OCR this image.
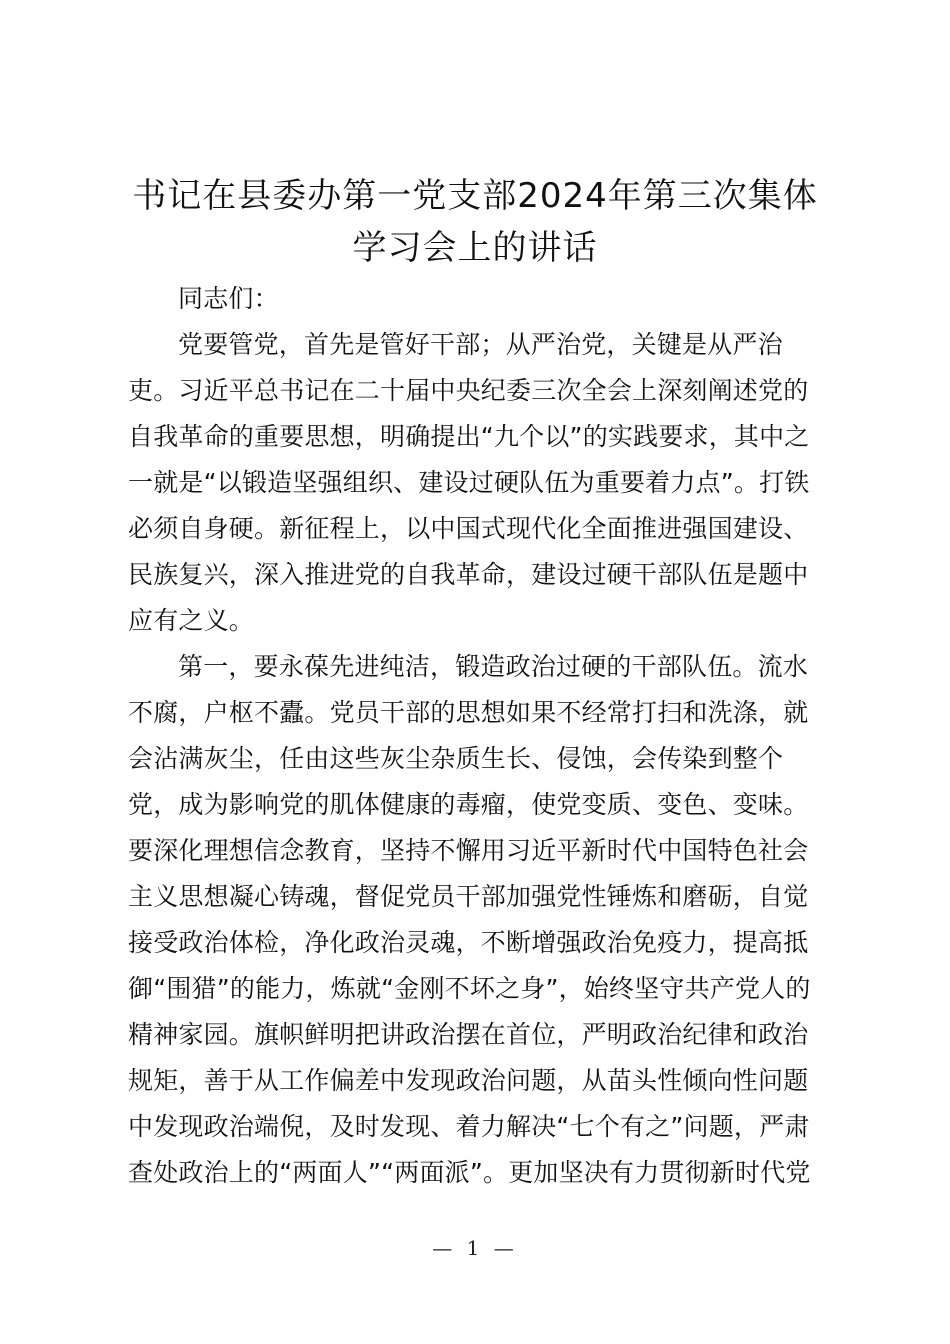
书记在县委办第一党支部2024年第三次集体
学习会上的讲话
同志们：
党要管党，首先是管好干部；从严治党，关键是从严治
吏。习近平总书记在二十届中央纪委三次全会上深刻阐述党的
自我革命的重要思想，明确提出“九个以”的实践要求，其中之
一就是“以锻造坚强组织、建设过硬队伍为重要着力点”。打铁
必须自身硬。新征程上，以中国式现代化全面推进强国建设、
民族复兴，深入推进党的自我革命，建设过硬干部队伍是题中
应有之义。
第一，要永葆先进纯洁，锻造政治过硬的干部队伍。流水
不腐，户枢不蠹。党员干部的思想如果不经常打扫和洗涤，就
会沾满灰尘，任由这些灰尘杂质生长、侵蚀，会传染到整个
党，成为影响党的肌体健康的毒瘤，使党变质、变色、变味。
要深化理想信念教育，坚持不懈用习近平新时代中国特色社会
主义思想凝心铸魂，督促党员干部加强党性锤炼和磨砺，自觉
接受政治体检，净化政治灵魂，不断增强政治免疫力，提高抵
御“围猎”的能力，炼就“金刚不坏之身”，始终坚守共产党人的
精神家园。旗帜鲜明把讲政治摆在首位，严明政治纪律和政治
规矩，善于从工作偏差中发现政治问题，从苗头性倾向性问题
中发现政治端倪，及时发现、着力解决“七个有之”问题，严肃
查处政治上的“两面人”“两面派”。更加坚决有力贯彻新时代党
— 1 —
